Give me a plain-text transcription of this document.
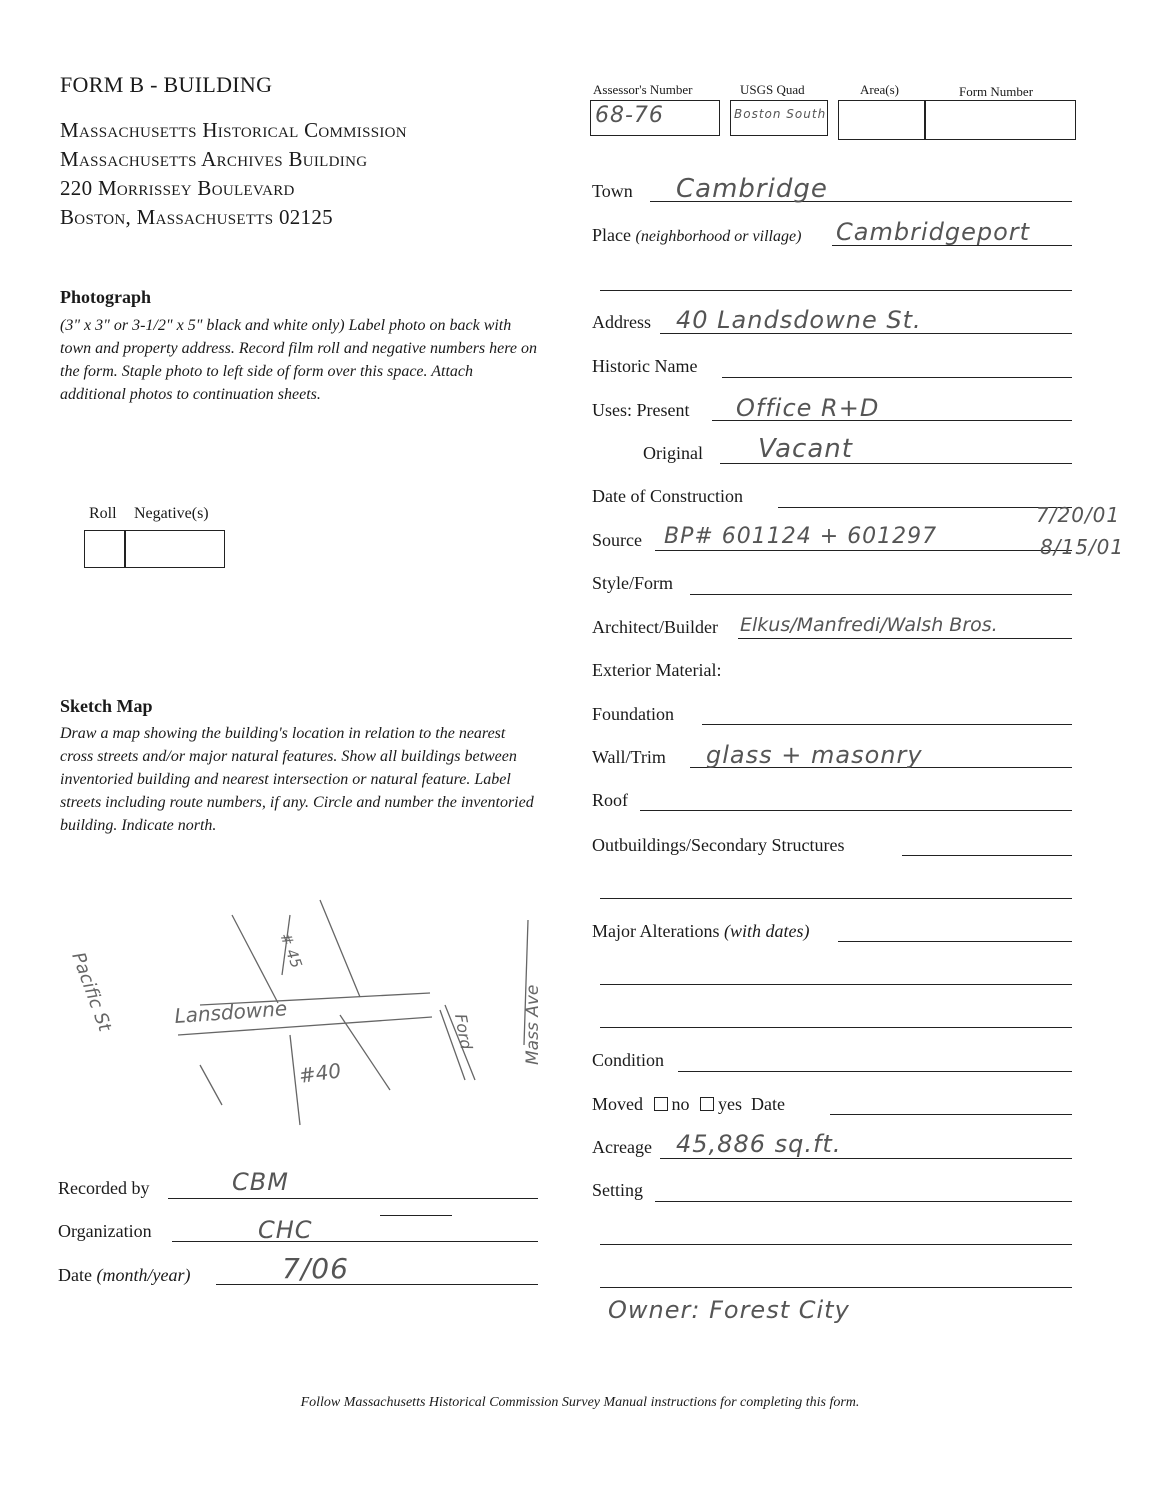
FORM B - BUILDING
Massachusetts Historical Commission
Massachusetts Archives Building
220 Morrissey Boulevard
Boston, Massachusetts 02125
Assessor's Number	USGS Quad	Area(s)	Form Number
68-76	Boston South
Photograph
(3" x 3" or 3-1/2" x 5" black and white only) Label photo on back with town and property address. Record film roll and negative numbers here on the form. Staple photo to left side of form over this space. Attach additional photos to continuation sheets.
Roll Negative(s)
Sketch Map
Draw a map showing the building's location in relation to the nearest cross streets and/or major natural features. Show all buildings between inventoried building and nearest intersection or natural feature. Label streets including route numbers, if any. Circle and number the inventoried building. Indicate north.
Pacific St	Lansdowne
# 45
#40
Ford	Mass Ave
Recorded by	CBM
Organization	CHC
Date (month/year)	7/06
Town Cambridge
Place (neighborhood or village) Cambridgeport
Address 40 Landsdowne St.
Historic Name
Uses: Present Office R+D
Original Vacant
Date of Construction
Source BP# 601124 + 601297
7/20/01
8/15/01
Style/Form
Architect/Builder Elkus/Manfredi/Walsh Bros.
Exterior Material:
Foundation
Wall/Trim glass + masonry
Roof
Outbuildings/Secondary Structures
Major Alterations (with dates)
Condition
Moved no yes Date
Acreage 45,886 sq.ft.
Setting
Owner: Forest City
Follow Massachusetts Historical Commission Survey Manual instructions for completing this form.
